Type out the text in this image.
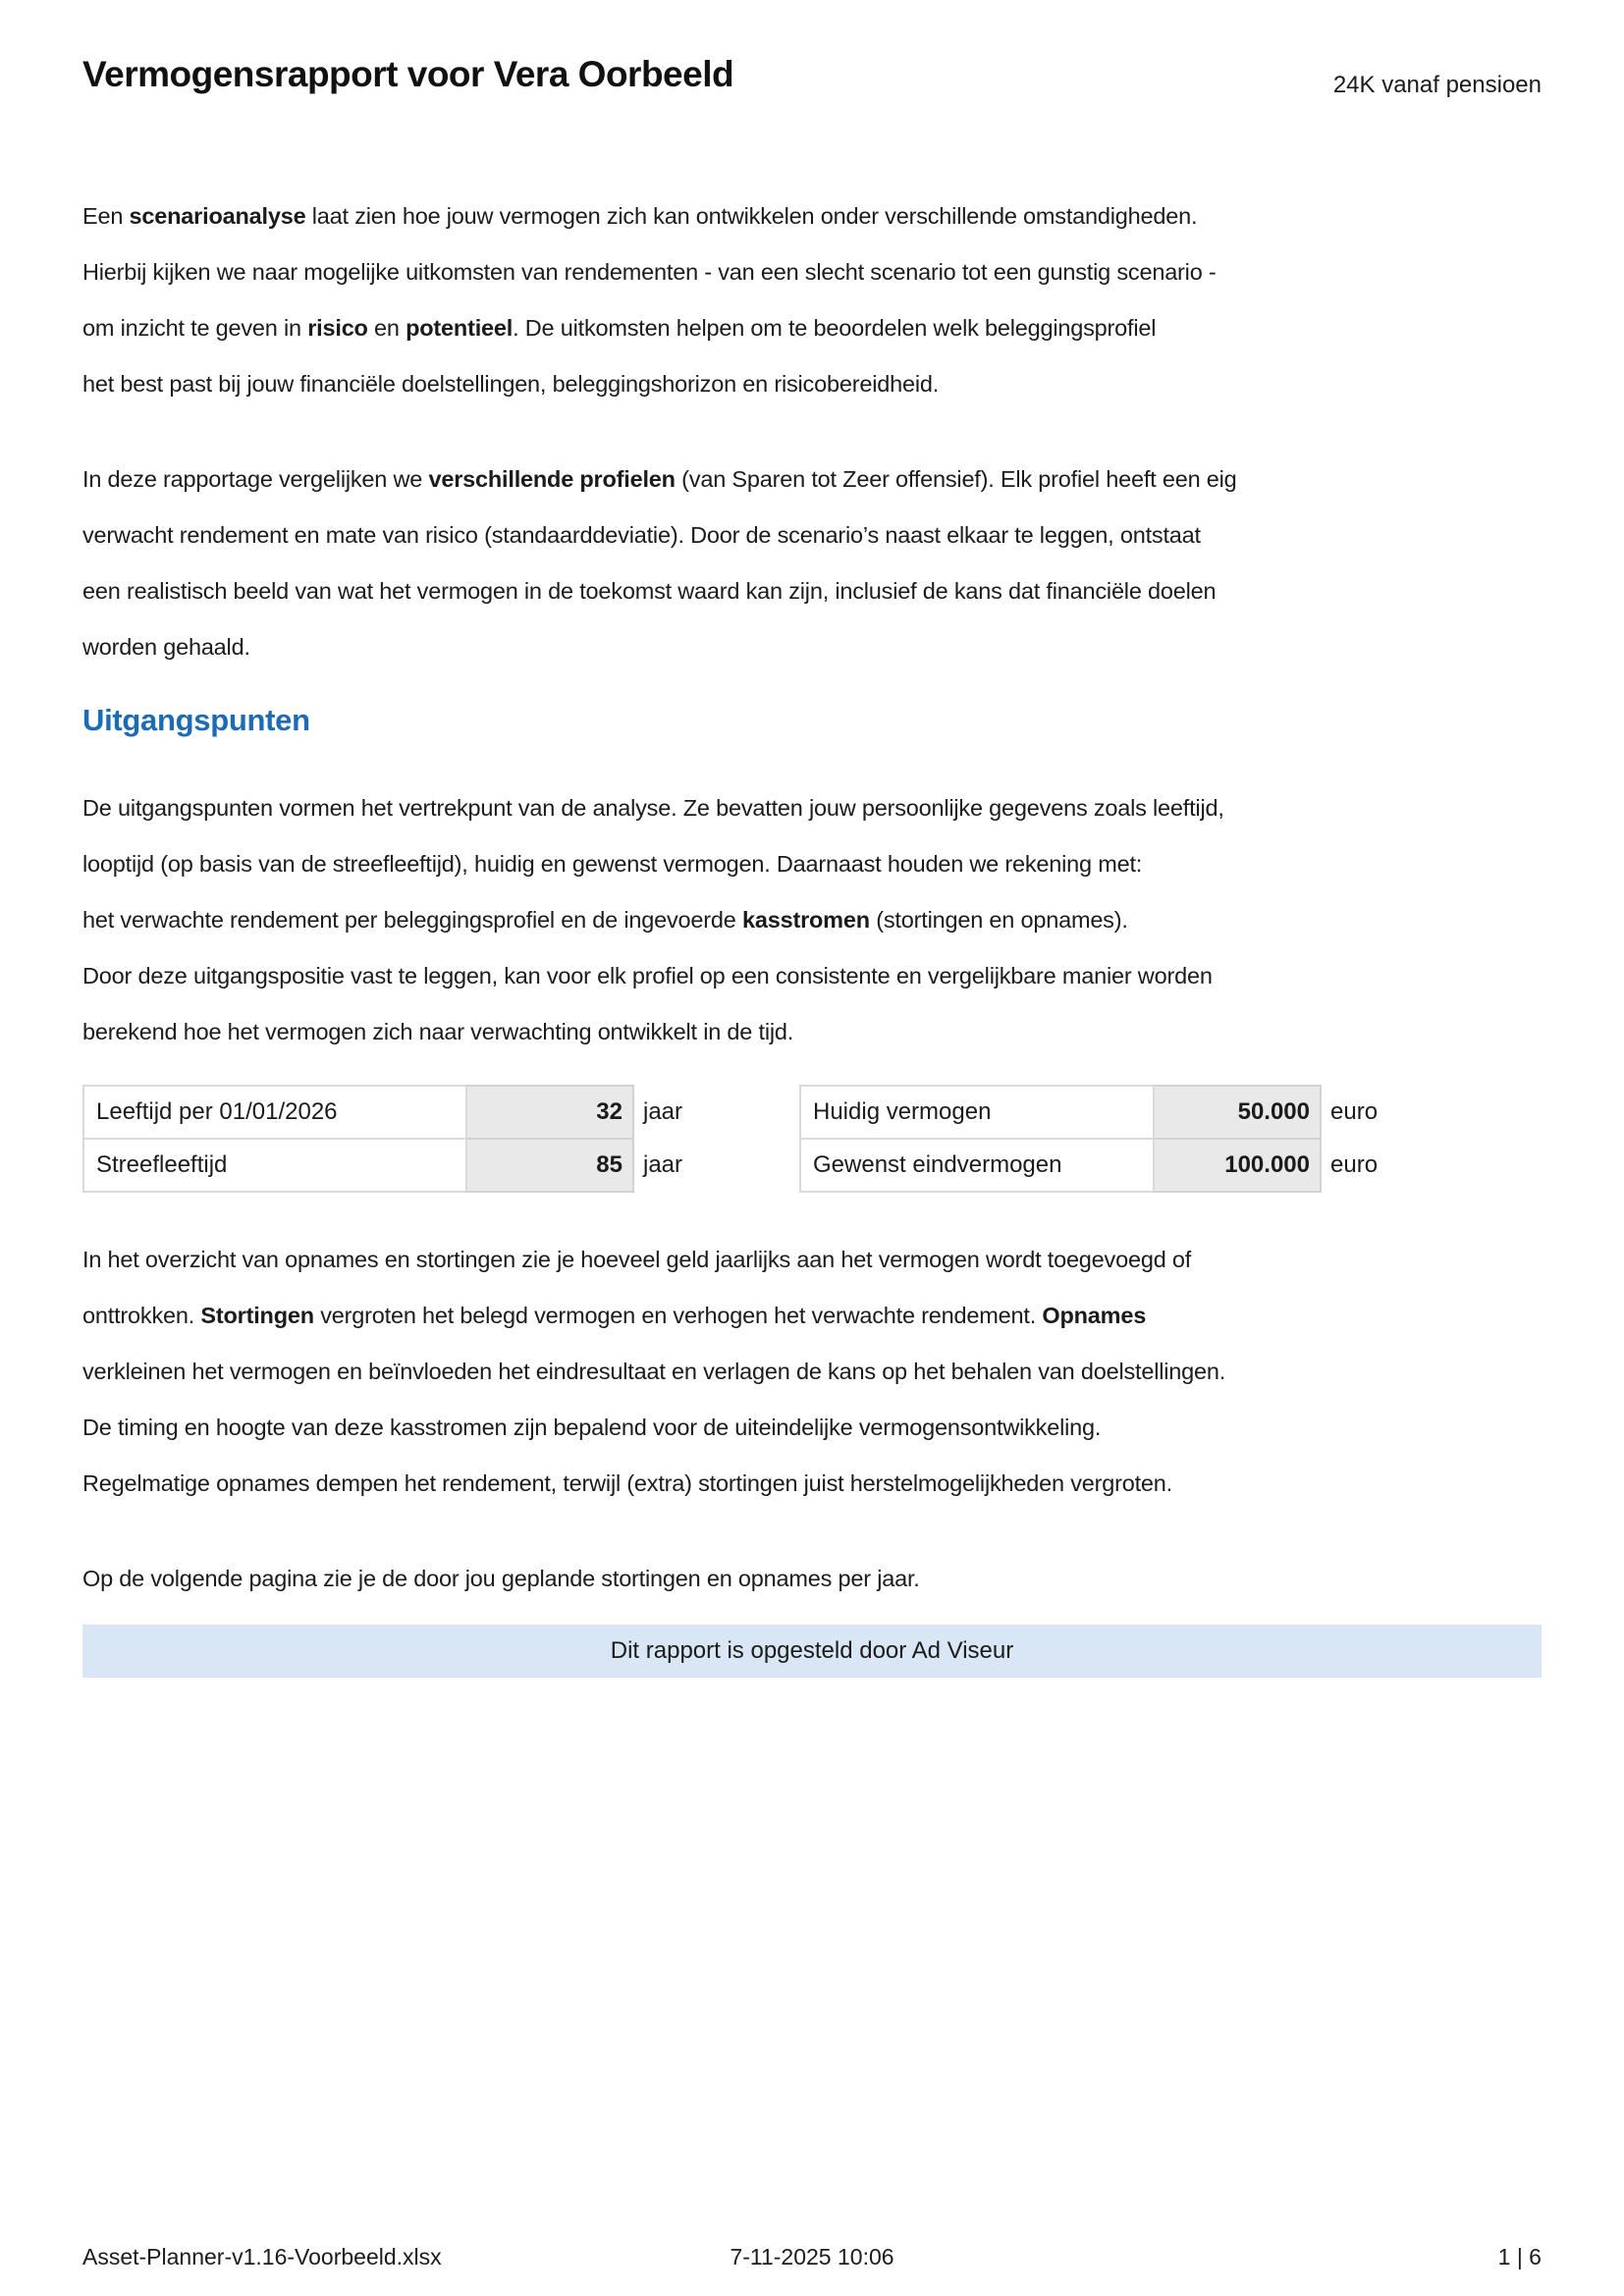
Vermogensrapport voor Vera Oorbeeld	24K vanaf pensioen
Een scenarioanalyse laat zien hoe jouw vermogen zich kan ontwikkelen onder verschillende omstandigheden.
Hierbij kijken we naar mogelijke uitkomsten van rendementen - van een slecht scenario tot een gunstig scenario -
om inzicht te geven in risico en potentieel. De uitkomsten helpen om te beoordelen welk beleggingsprofiel
het best past bij jouw financiële doelstellingen, beleggingshorizon en risicobereidheid.
In deze rapportage vergelijken we verschillende profielen (van Sparen tot Zeer offensief). Elk profiel heeft een eig
verwacht rendement en mate van risico (standaarddeviatie). Door de scenario’s naast elkaar te leggen, ontstaat
een realistisch beeld van wat het vermogen in de toekomst waard kan zijn, inclusief de kans dat financiële doelen
worden gehaald.
Uitgangspunten
De uitgangspunten vormen het vertrekpunt van de analyse. Ze bevatten jouw persoonlijke gegevens zoals leeftijd,
looptijd (op basis van de streefleeftijd), huidig en gewenst vermogen. Daarnaast houden we rekening met:
het verwachte rendement per beleggingsprofiel en de ingevoerde kasstromen (stortingen en opnames).
Door deze uitgangspositie vast te leggen, kan voor elk profiel op een consistente en vergelijkbare manier worden
berekend hoe het vermogen zich naar verwachting ontwikkelt in de tijd.
Leeftijd per 01/01/2026	32	jaar
Streefleeftijd	85	jaar
Huidig vermogen	50.000	euro
Gewenst eindvermogen	100.000	euro
In het overzicht van opnames en stortingen zie je hoeveel geld jaarlijks aan het vermogen wordt toegevoegd of
onttrokken. Stortingen vergroten het belegd vermogen en verhogen het verwachte rendement. Opnames
verkleinen het vermogen en beïnvloeden het eindresultaat en verlagen de kans op het behalen van doelstellingen.
De timing en hoogte van deze kasstromen zijn bepalend voor de uiteindelijke vermogensontwikkeling.
Regelmatige opnames dempen het rendement, terwijl (extra) stortingen juist herstelmogelijkheden vergroten.
Op de volgende pagina zie je de door jou geplande stortingen en opnames per jaar.
Dit rapport is opgesteld door Ad Viseur
Asset-Planner-v1.16-Voorbeeld.xlsx	7-11-2025 10:06	1 | 6
